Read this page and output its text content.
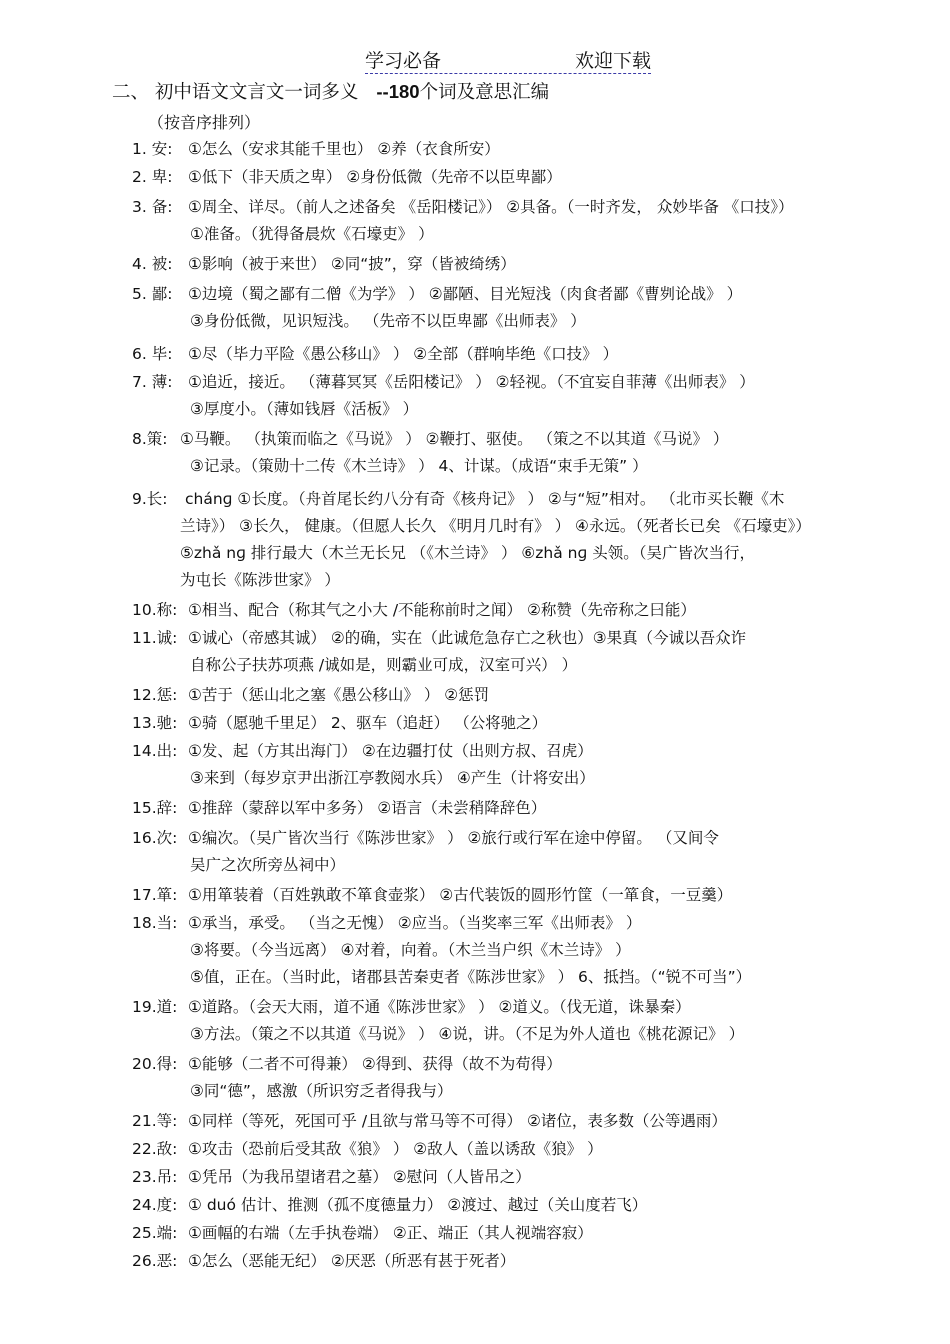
学习必备	欢迎下载
二、 初中语文文言文一词多义 --180个词及意思汇编
（按音序排列）
1. 安: ①怎么（安求其能千里也） ②养（衣食所安）
2. 卑: ①低下（非天质之卑） ②身份低微（先帝不以臣卑鄙）
3. 备: ①周全、详尽。（前人之述备矣 《岳阳楼记》） ②具备。（一时齐发， 众妙毕备 《口技》）
①准备。（犹得备晨炊《石壕吏》 ）
4. 被: ①影响（被于来世） ②同“披”，穿（皆被绮绣）
5. 鄙: ①边境（蜀之鄙有二僧《为学》 ） ②鄙陋、目光短浅（肉食者鄙《曹刿论战》 ）
③身份低微，见识短浅。 （先帝不以臣卑鄙《出师表》 ）
6. 毕: ①尽（毕力平险《愚公移山》 ） ②全部（群响毕绝《口技》 ）
7. 薄: ①追近，接近。 （薄暮冥冥《岳阳楼记》 ） ②轻视。（不宜妄自菲薄《出师表》 ）
③厚度小。（薄如钱唇《活板》 ）
8.策: ①马鞭。 （执策而临之《马说》 ） ②鞭打、驱使。 （策之不以其道《马说》 ）
③记录。（策勋十二传《木兰诗》 ） 4、计谋。（成语“束手无策” ）
9.长: chánɡ ①长度。（舟首尾长约八分有奇《核舟记》 ） ②与“短”相对。 （北市买长鞭《木
兰诗》） ③长久， 健康。（但愿人长久 《明月几时有》 ） ④永远。（死者长已矣 《石壕吏》）
⑤zhǎ nɡ 排行最大（木兰无长兄 （《木兰诗》 ） ⑥zhǎ nɡ 头领。（吴广皆次当行，
为屯长《陈涉世家》 ）
10.称: ①相当、配合（称其气之小大 /不能称前时之闻） ②称赞（先帝称之曰能）
11.诚: ①诚心（帝感其诚） ②的确，实在（此诚危急存亡之秋也）③果真（今诚以吾众诈
自称公子扶苏项燕 /诚如是，则霸业可成，汉室可兴） ）
12.惩: ①苦于（惩山北之塞《愚公移山》 ） ②惩罚
13.驰: ①骑（愿驰千里足） 2、驱车（追赶） （公将驰之）
14.出: ①发、起（方其出海门） ②在边疆打仗（出则方叔、召虎）
③来到（每岁京尹出浙江亭教阅水兵） ④产生（计将安出）
15.辞: ①推辞（蒙辞以军中多务） ②语言（未尝稍降辞色）
16.次: ①编次。（吴广皆次当行《陈涉世家》 ） ②旅行或行军在途中停留。 （又间令
吴广之次所旁丛祠中）
17.箪: ①用箪装着（百姓孰敢不箪食壶浆） ②古代装饭的圆形竹筐（一箪食，一豆羹）
18.当: ①承当，承受。 （当之无愧） ②应当。（当奖率三军《出师表》 ）
③将要。（今当远离） ④对着，向着。（木兰当户织《木兰诗》 ）
⑤值，正在。（当时此，诸郡县苦秦吏者《陈涉世家》 ） 6、抵挡。（“锐不可当”）
19.道: ①道路。（会天大雨，道不通《陈涉世家》 ） ②道义。（伐无道，诛暴秦）
③方法。（策之不以其道《马说》 ） ④说，讲。（不足为外人道也《桃花源记》 ）
20.得: ①能够（二者不可得兼） ②得到、获得（故不为苟得）
③同“德”，感激（所识穷乏者得我与）
21.等: ①同样（等死，死国可乎 /且欲与常马等不可得） ②诸位，表多数（公等遇雨）
22.敌: ①攻击（恐前后受其敌《狼》 ） ②敌人（盖以诱敌《狼》 ）
23.吊: ①凭吊（为我吊望诸君之墓） ②慰问（人皆吊之）
24.度: ① duó 估计、推测（孤不度德量力） ②渡过、越过（关山度若飞）
25.端: ①画幅的右端（左手执卷端） ②正、端正（其人视端容寂）
26.恶: ①怎么（恶能无纪） ②厌恶（所恶有甚于死者）
